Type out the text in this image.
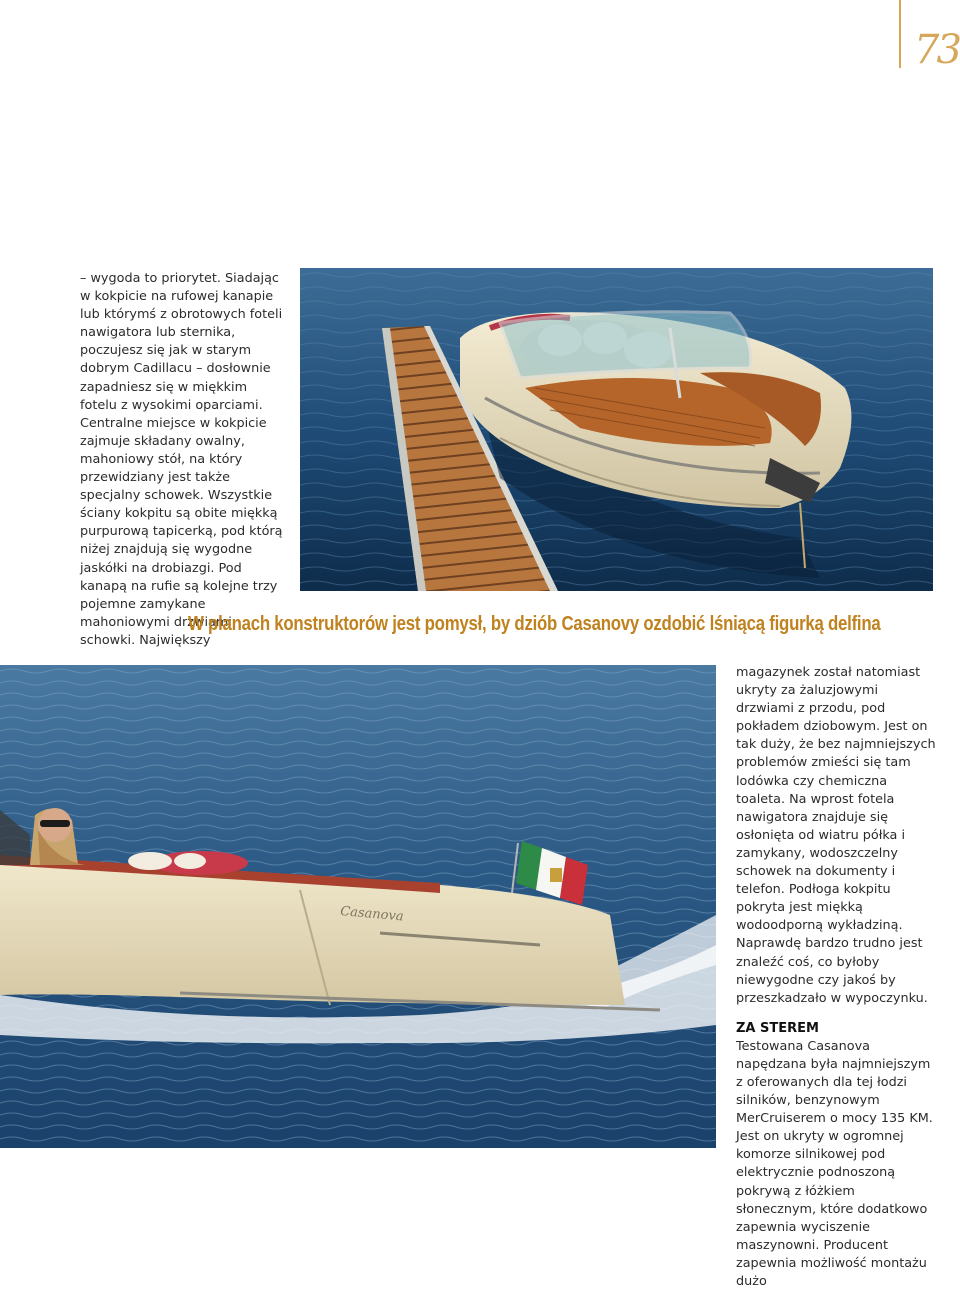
73

– wygoda to priorytet. Siadając w kokpicie na rufowej kanapie lub którymś z obrotowych foteli nawigatora lub sternika, poczujesz się jak w starym dobrym Cadillacu – dosłownie zapadniesz się w miękkim fotelu z wysokimi oparciami. Centralne miejsce w kokpicie zajmuje składany owalny, mahoniowy stół, na który przewidziany jest także specjalny schowek. Wszystkie ściany kokpitu są obite miękką purpurową tapicerką, pod którą niżej znajdują się wygodne jaskółki na drobiazgi. Pod kanapą na rufie są kolejne trzy pojemne zamykane mahoniowymi drzwiami schowki. Największy

W planach konstruktorów jest pomysł, by dziób Casanovy ozdobić lśniącą figurką delfina

Casanova

magazynek został natomiast ukryty za żaluzjowymi drzwiami z przodu, pod pokładem dziobowym. Jest on tak duży, że bez najmniejszych problemów zmieści się tam lodówka czy chemiczna toaleta. Na wprost fotela nawigatora znajduje się osłonięta od wiatru półka i zamykany, wodoszczelny schowek na dokumenty i telefon. Podłoga kokpitu pokryta jest miękką wodoodporną wykładziną. Naprawdę bardzo trudno jest znaleźć coś, co byłoby niewygodne czy jakoś by przeszkadzało w wypoczynku.

ZA STEREM

Testowana Casanova napędzana była najmniejszym z oferowanych dla tej łodzi silników, benzynowym MerCruiserem o mocy 135 KM. Jest on ukryty w ogromnej komorze silnikowej pod elektrycznie podnoszoną pokrywą z łóżkiem słonecznym, które dodatkowo zapewnia wyciszenie maszynowni. Producent zapewnia możliwość montażu dużo
